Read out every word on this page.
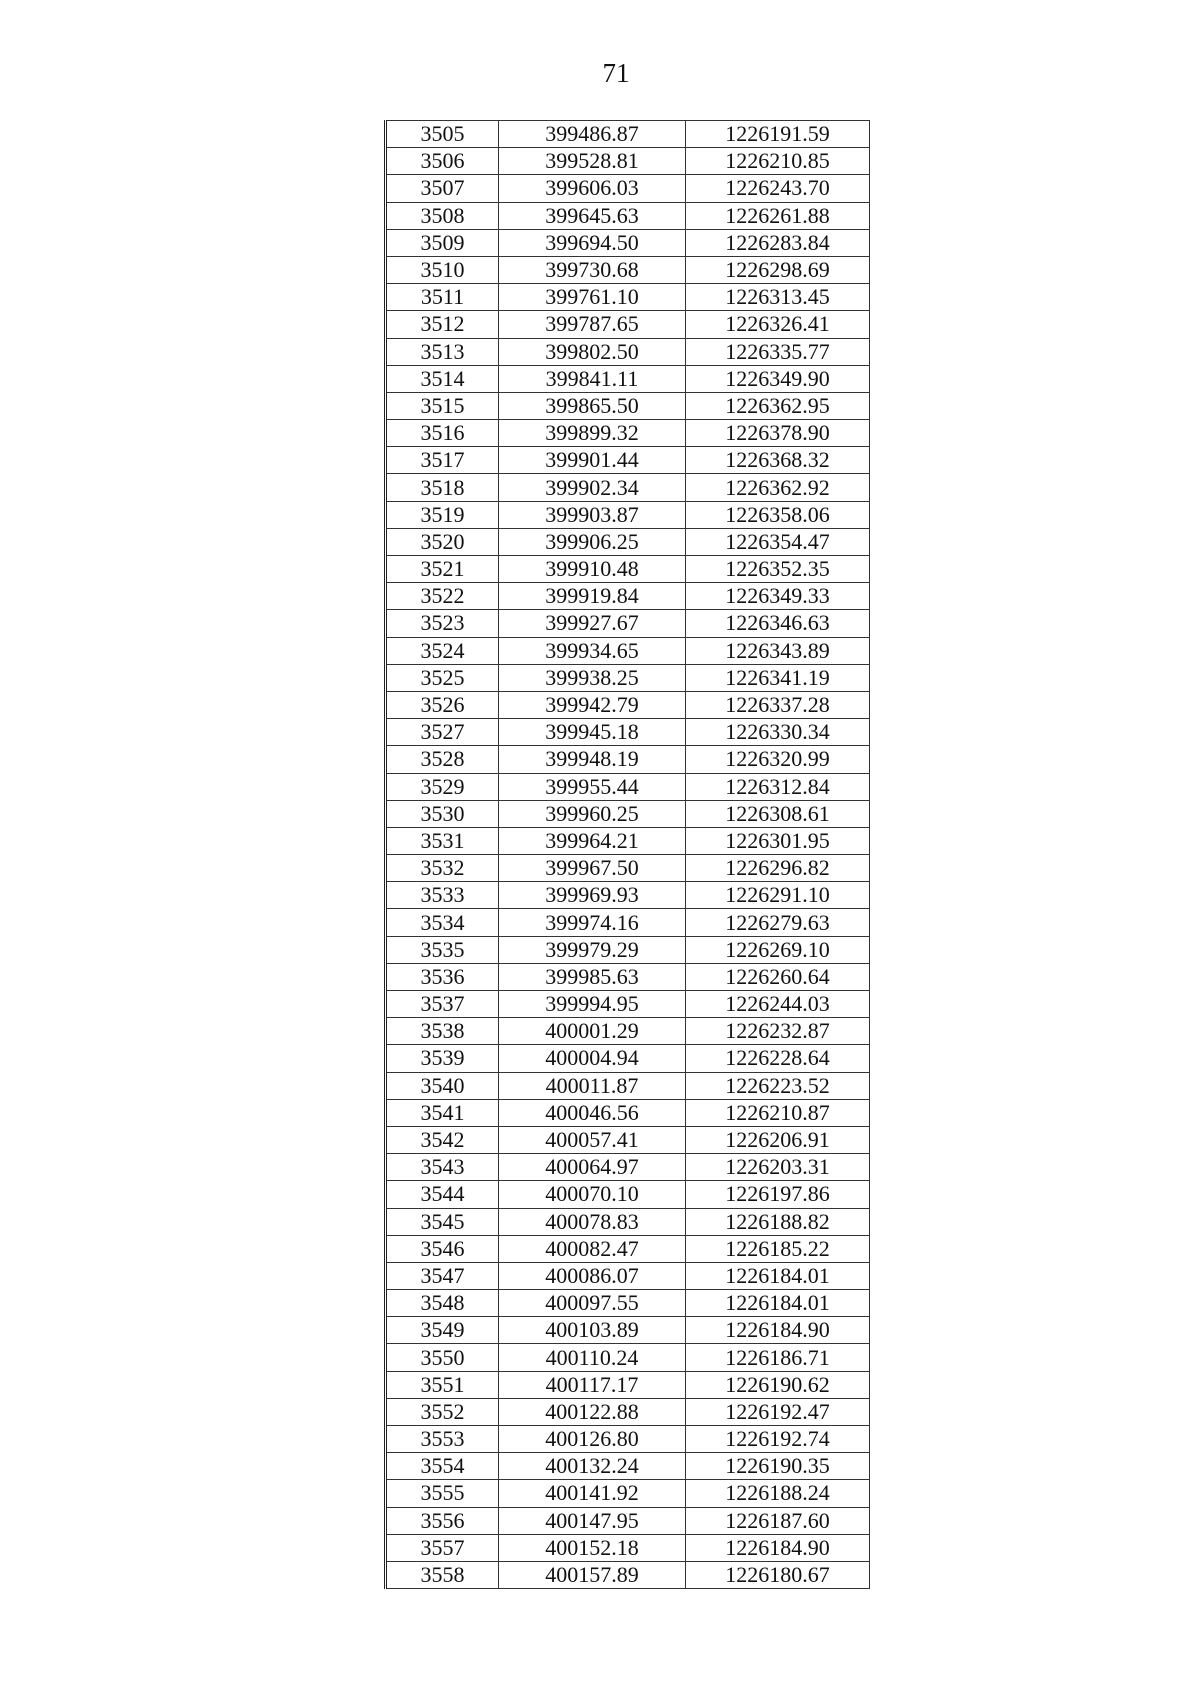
71
3505	399486.87	1226191.59
3506	399528.81	1226210.85
3507	399606.03	1226243.70
3508	399645.63	1226261.88
3509	399694.50	1226283.84
3510	399730.68	1226298.69
3511	399761.10	1226313.45
3512	399787.65	1226326.41
3513	399802.50	1226335.77
3514	399841.11	1226349.90
3515	399865.50	1226362.95
3516	399899.32	1226378.90
3517	399901.44	1226368.32
3518	399902.34	1226362.92
3519	399903.87	1226358.06
3520	399906.25	1226354.47
3521	399910.48	1226352.35
3522	399919.84	1226349.33
3523	399927.67	1226346.63
3524	399934.65	1226343.89
3525	399938.25	1226341.19
3526	399942.79	1226337.28
3527	399945.18	1226330.34
3528	399948.19	1226320.99
3529	399955.44	1226312.84
3530	399960.25	1226308.61
3531	399964.21	1226301.95
3532	399967.50	1226296.82
3533	399969.93	1226291.10
3534	399974.16	1226279.63
3535	399979.29	1226269.10
3536	399985.63	1226260.64
3537	399994.95	1226244.03
3538	400001.29	1226232.87
3539	400004.94	1226228.64
3540	400011.87	1226223.52
3541	400046.56	1226210.87
3542	400057.41	1226206.91
3543	400064.97	1226203.31
3544	400070.10	1226197.86
3545	400078.83	1226188.82
3546	400082.47	1226185.22
3547	400086.07	1226184.01
3548	400097.55	1226184.01
3549	400103.89	1226184.90
3550	400110.24	1226186.71
3551	400117.17	1226190.62
3552	400122.88	1226192.47
3553	400126.80	1226192.74
3554	400132.24	1226190.35
3555	400141.92	1226188.24
3556	400147.95	1226187.60
3557	400152.18	1226184.90
3558	400157.89	1226180.67
